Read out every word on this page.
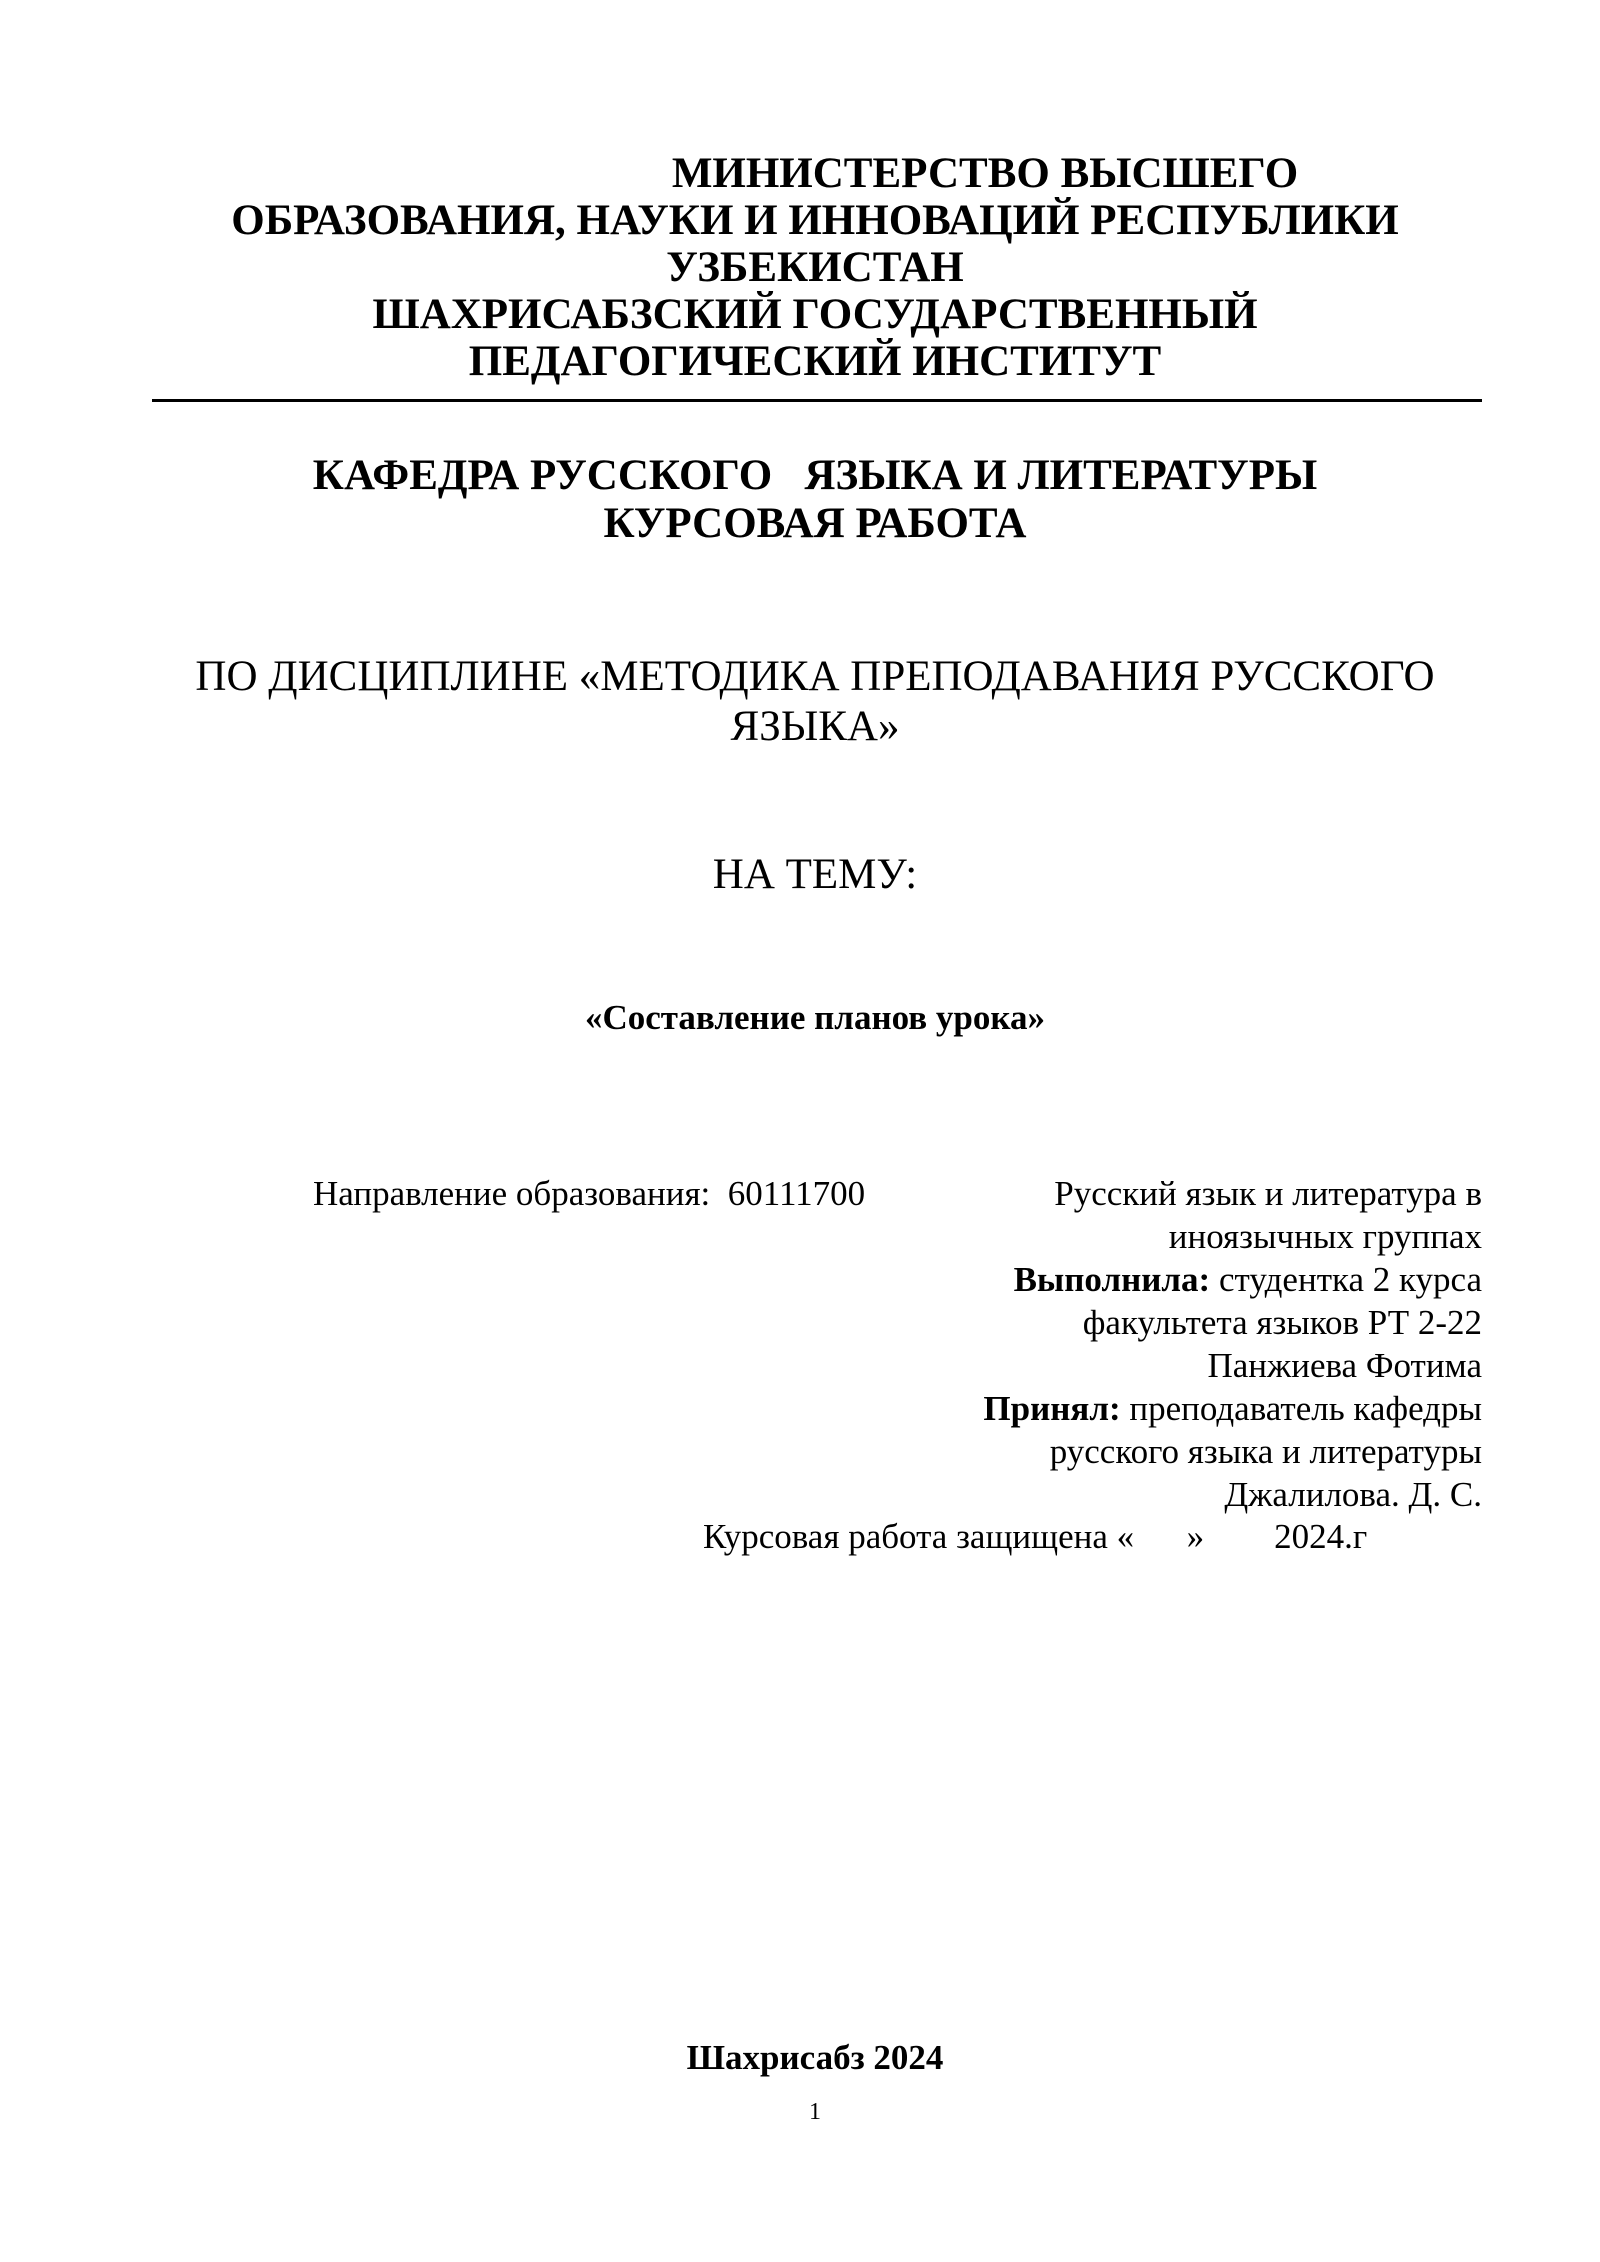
МИНИСТЕРСТВО ВЫСШЕГО
ОБРАЗОВАНИЯ, НАУКИ И ИННОВАЦИЙ РЕСПУБЛИКИ
УЗБЕКИСТАН
ШАХРИСАБЗСКИЙ ГОСУДАРСТВЕННЫЙ
ПЕДАГОГИЧЕСКИЙ ИНСТИТУТ
КАФЕДРА РУССКОГО   ЯЗЫКА И ЛИТЕРАТУРЫ
КУРСОВАЯ РАБОТА
ПО ДИСЦИПЛИНЕ «МЕТОДИКА ПРЕПОДАВАНИЯ РУССКОГО
ЯЗЫКА»
НА ТЕМУ:
«Составление планов урока»
Направление образования:  60111700	Русский язык и литература в
иноязычных группах
Выполнила: студентка 2 курса
факультета языков РТ 2-22
Панжиева Фотима
Принял: преподаватель кафедры
русского языка и литературы
Джалилова. Д. С.
Курсовая работа защищена «      »        2024.г
Шахрисабз 2024
1
